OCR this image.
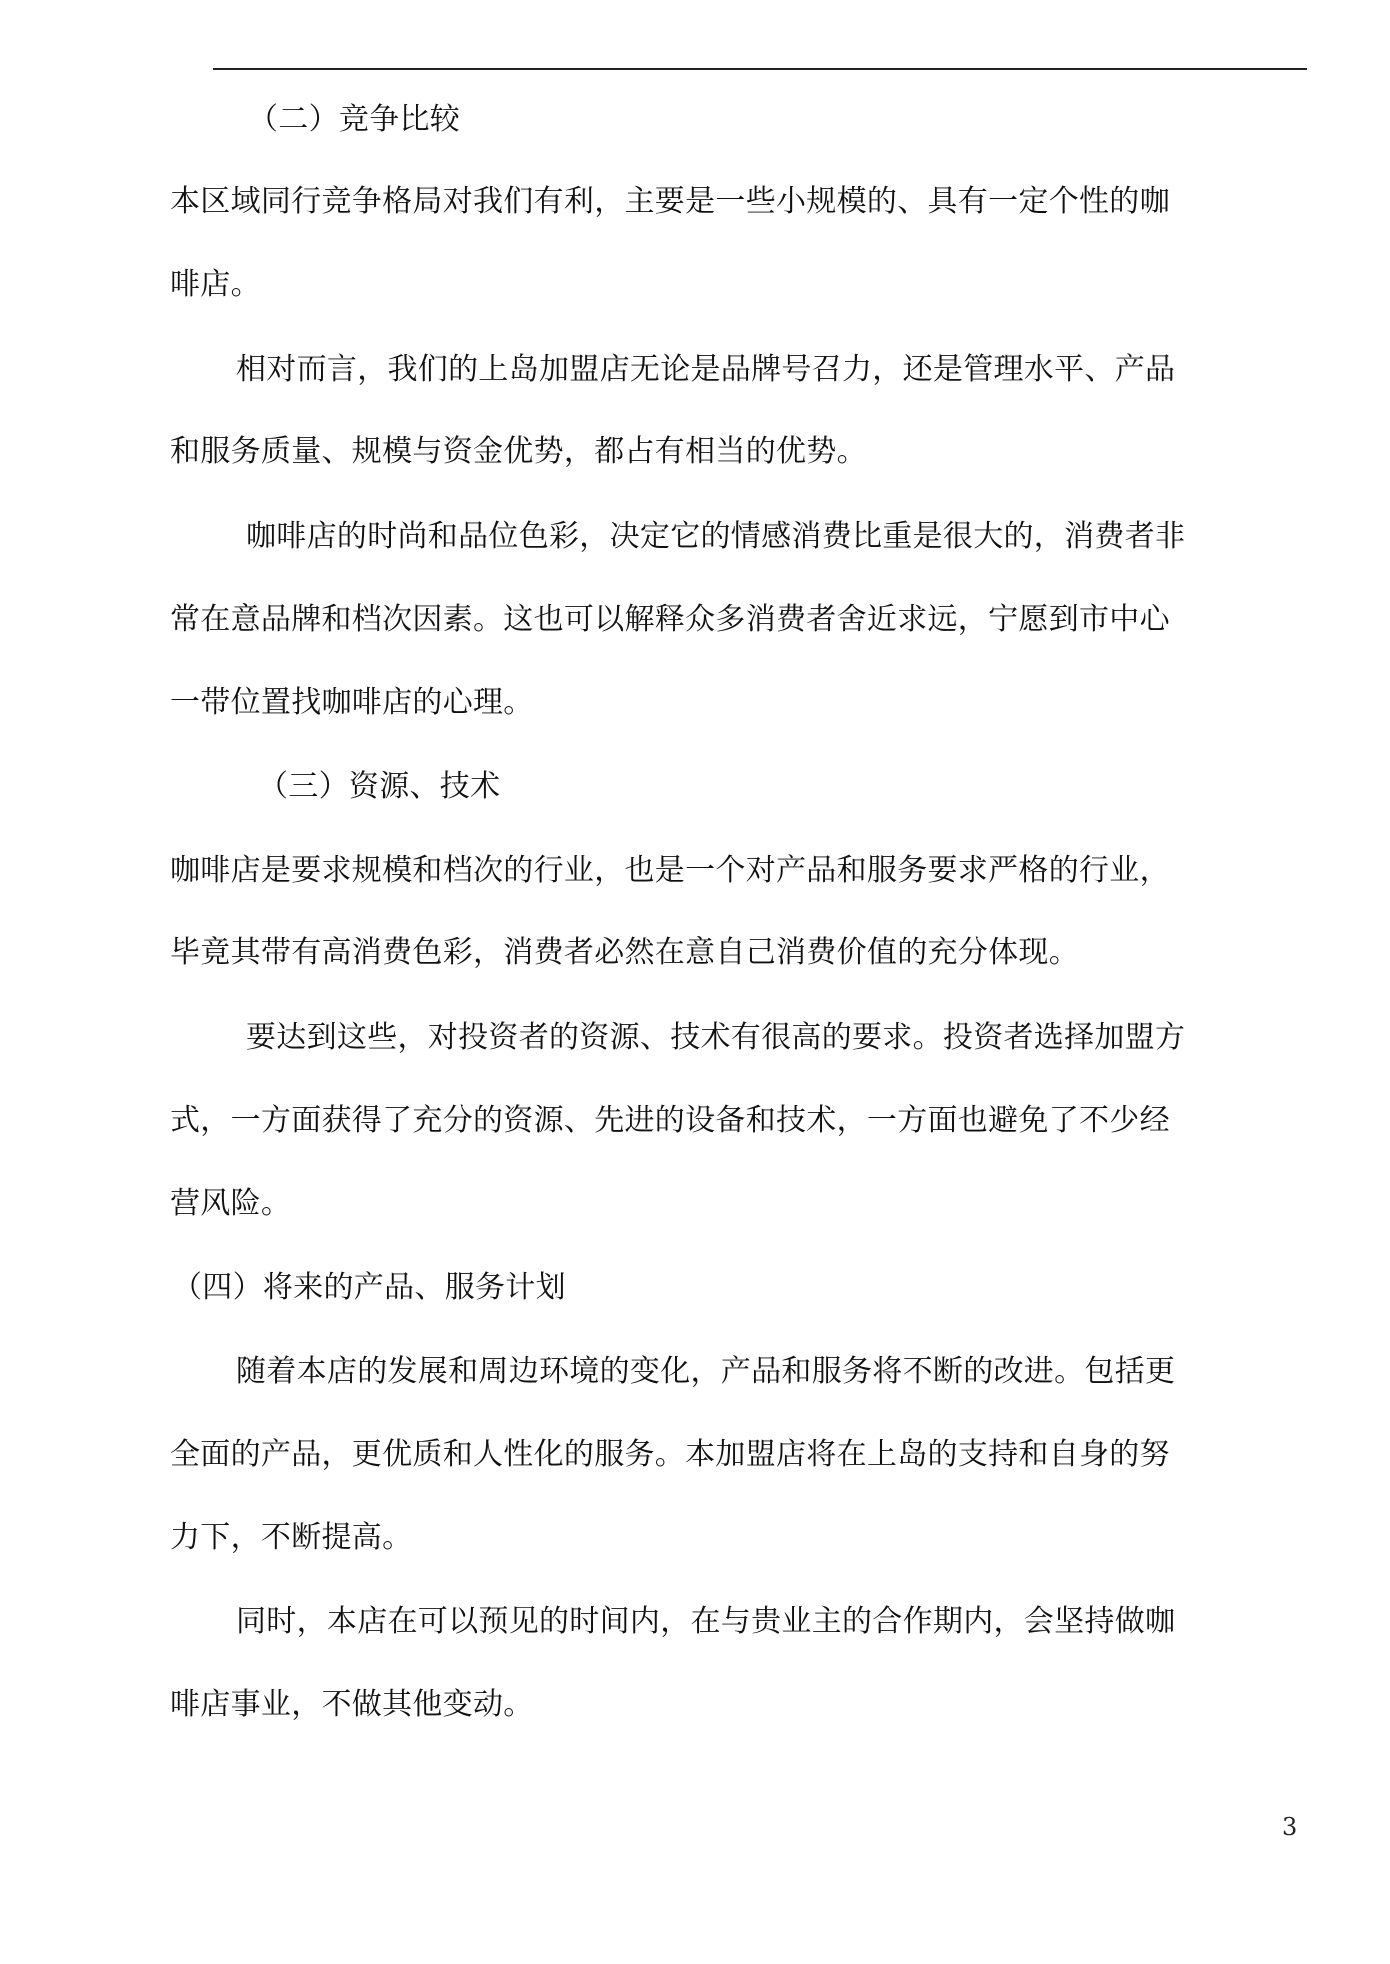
（二）竞争比较
本区域同行竞争格局对我们有利，主要是一些小规模的、具有一定个性的咖
啡店。
相对而言，我们的上岛加盟店无论是品牌号召力，还是管理水平、产品
和服务质量、规模与资金优势，都占有相当的优势。
咖啡店的时尚和品位色彩，决定它的情感消费比重是很大的，消费者非
常在意品牌和档次因素。这也可以解释众多消费者舍近求远，宁愿到市中心
一带位置找咖啡店的心理。
（三）资源、技术
咖啡店是要求规模和档次的行业，也是一个对产品和服务要求严格的行业，
毕竟其带有高消费色彩，消费者必然在意自己消费价值的充分体现。
要达到这些，对投资者的资源、技术有很高的要求。投资者选择加盟方
式，一方面获得了充分的资源、先进的设备和技术，一方面也避免了不少经
营风险。
（四）将来的产品、服务计划
随着本店的发展和周边环境的变化，产品和服务将不断的改进。包括更
全面的产品，更优质和人性化的服务。本加盟店将在上岛的支持和自身的努
力下，不断提高。
同时，本店在可以预见的时间内，在与贵业主的合作期内，会坚持做咖
啡店事业，不做其他变动。
3
